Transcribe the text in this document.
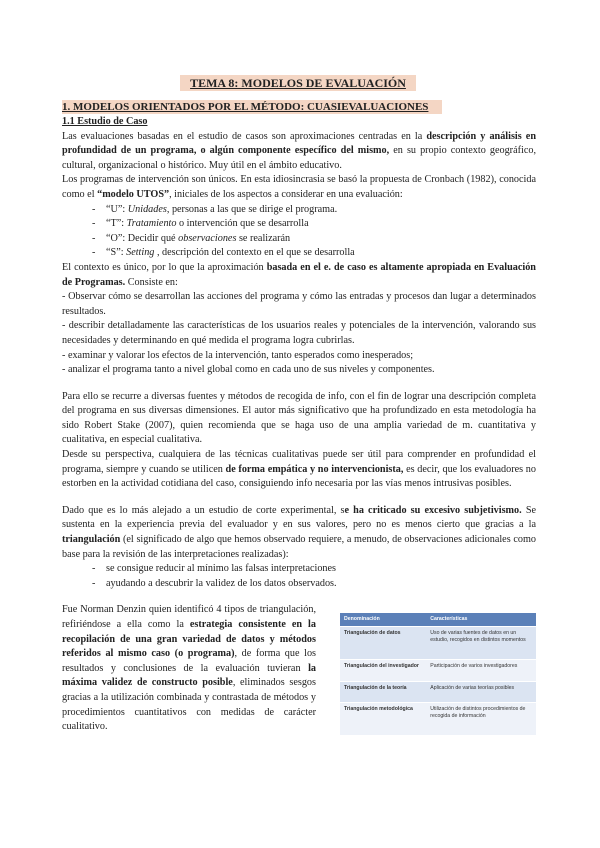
TEMA 8: MODELOS DE EVALUACIÓN
1. MODELOS ORIENTADOS POR EL MÉTODO: CUASIEVALUACIONES
1.1 Estudio de Caso

Las evaluaciones basadas en el estudio de casos son aproximaciones centradas en la descripción y análisis en profundidad de un programa, o algún componente específico del mismo, en su propio contexto geográfico, cultural, organizacional o histórico. Muy útil en el ámbito educativo.

Los programas de intervención son únicos. En esta idiosincrasia se basó la propuesta de Cronbach (1982), conocida como el “modelo UTOS”, iniciales de los aspectos a considerar en una evaluación:

- “U”: Unidades, personas a las que se dirige el programa.
- “T”: Tratamiento o intervención que se desarrolla
- “O”: Decidir qué observaciones se realizarán
- “S”: Setting , descripción del contexto en el que se desarrolla

El contexto es único, por lo que la aproximación basada en el e. de caso es altamente apropiada en Evaluación de Programas. Consiste en:

- Observar cómo se desarrollan las acciones del programa y cómo las entradas y procesos dan lugar a determinados resultados.

- describir detalladamente las características de los usuarios reales y potenciales de la intervención, valorando sus necesidades y determinando en qué medida el programa logra cubrirlas.

- examinar y valorar los efectos de la intervención, tanto esperados como inesperados;

- analizar el programa tanto a nivel global como en cada uno de sus niveles y componentes.

Para ello se recurre a diversas fuentes y métodos de recogida de info, con el fin de lograr una descripción completa del programa en sus diversas dimensiones. El autor más significativo que ha profundizado en esta metodología ha sido Robert Stake (2007), quien recomienda que se haga uso de una amplia variedad de m. cuantitativa y cualitativa, en especial cualitativa.

Desde su perspectiva, cualquiera de las técnicas cualitativas puede ser útil para comprender en profundidad el programa, siempre y cuando se utilicen de forma empática y no intervencionista, es decir, que los evaluadores no estorben en la actividad cotidiana del caso, consiguiendo info necesaria por las vías menos intrusivas posibles.

Dado que es lo más alejado a un estudio de corte experimental, se ha criticado su excesivo subjetivismo. Se sustenta en la experiencia previa del evaluador y en sus valores, pero no es menos cierto que gracias a la triangulación (el significado de algo que hemos observado requiere, a menudo, de observaciones adicionales como base para la revisión de las interpretaciones realizadas):

- se consigue reducir al mínimo las falsas interpretaciones
- ayudando a descubrir la validez de los datos observados.

Fue Norman Denzin quien identificó 4 tipos de triangulación, refiriéndose a ella como la estrategia consistente en la recopilación de una gran variedad de datos y métodos referidos al mismo caso (o programa), de forma que los resultados y conclusiones de la evaluación tuvieran la máxima validez de constructo posible, eliminados sesgos gracias a la utilización combinada y contrastada de métodos y procedimientos cuantitativos con medidas de carácter cualitativo.

Denominación	Características
Triangulación de datos	Uso de varias fuentes de datos en un estudio, recogidos en distintos momentos
Triangulación del investigador	Participación de varios investigadores
Triangulación de la teoría	Aplicación de varias teorías posibles
Triangulación metodológica	Utilización de distintos procedimientos de recogida de información
